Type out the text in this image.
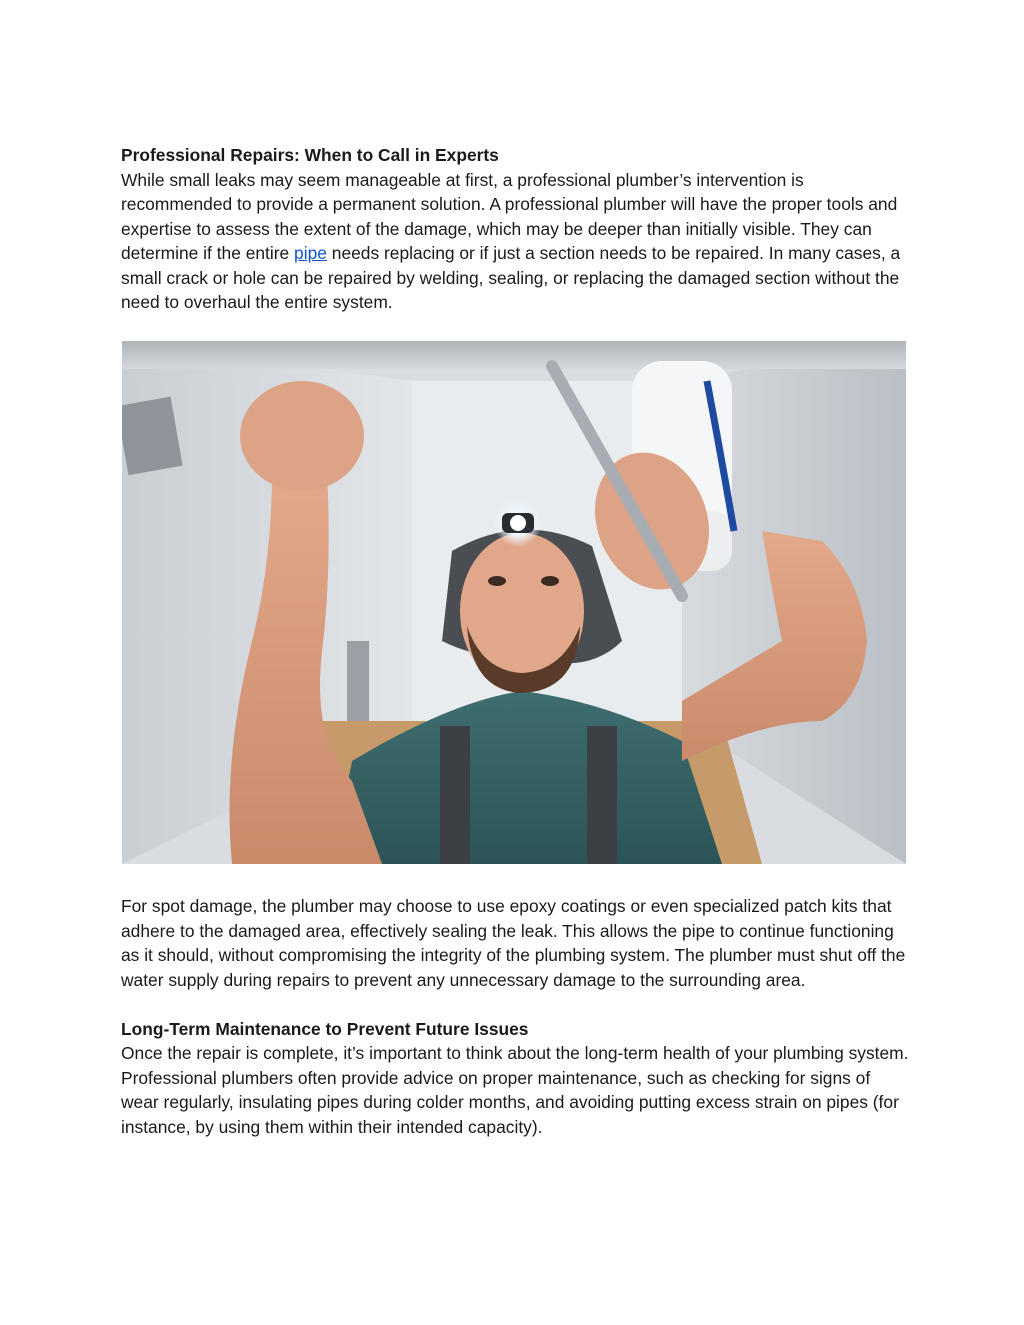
Professional Repairs: When to Call in Experts

While small leaks may seem manageable at first, a professional plumber’s intervention is recommended to provide a permanent solution. A professional plumber will have the proper tools and expertise to assess the extent of the damage, which may be deeper than initially visible. They can determine if the entire pipe needs replacing or if just a section needs to be repaired. In many cases, a small crack or hole can be repaired by welding, sealing, or replacing the damaged section without the need to overhaul the entire system.

For spot damage, the plumber may choose to use epoxy coatings or even specialized patch kits that adhere to the damaged area, effectively sealing the leak. This allows the pipe to continue functioning as it should, without compromising the integrity of the plumbing system. The plumber must shut off the water supply during repairs to prevent any unnecessary damage to the surrounding area.

Long-Term Maintenance to Prevent Future Issues

Once the repair is complete, it’s important to think about the long-term health of your plumbing system. Professional plumbers often provide advice on proper maintenance, such as checking for signs of wear regularly, insulating pipes during colder months, and avoiding putting excess strain on pipes (for instance, by using them within their intended capacity).
